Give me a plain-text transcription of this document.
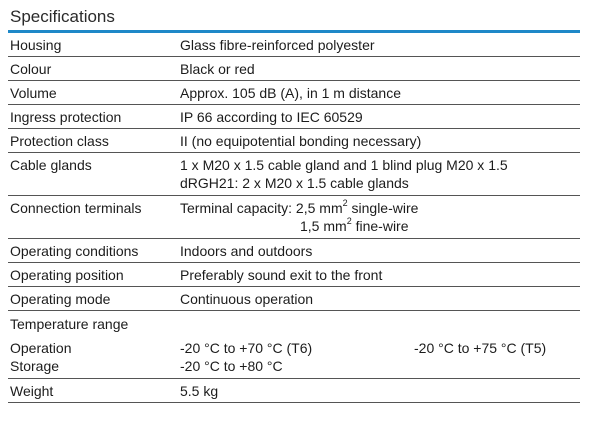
Specifications
Housing	Glass fibre-reinforced polyester
Colour	Black or red
Volume	Approx. 105 dB (A), in 1 m distance
Ingress protection	IP 66 according to IEC 60529
Protection class	II (no equipotential bonding necessary)
Cable glands	1 x M20 x 1.5 cable gland and 1 blind plug M20 x 1.5
dRGH21: 2 x M20 x 1.5 cable glands
Connection terminals	Terminal capacity: 2,5 $mm^2$ single-wire
1,5 $mm^2$ fine-wire
Operating conditions	Indoors and outdoors
Operating position	Preferably sound exit to the front
Operating mode	Continuous operation
Temperature range
Operation	-20 °C to +70 °C (T6)	-20 °C to +75 °C (T5)
Storage	-20 °C to +80 °C
Weight	5.5 kg
